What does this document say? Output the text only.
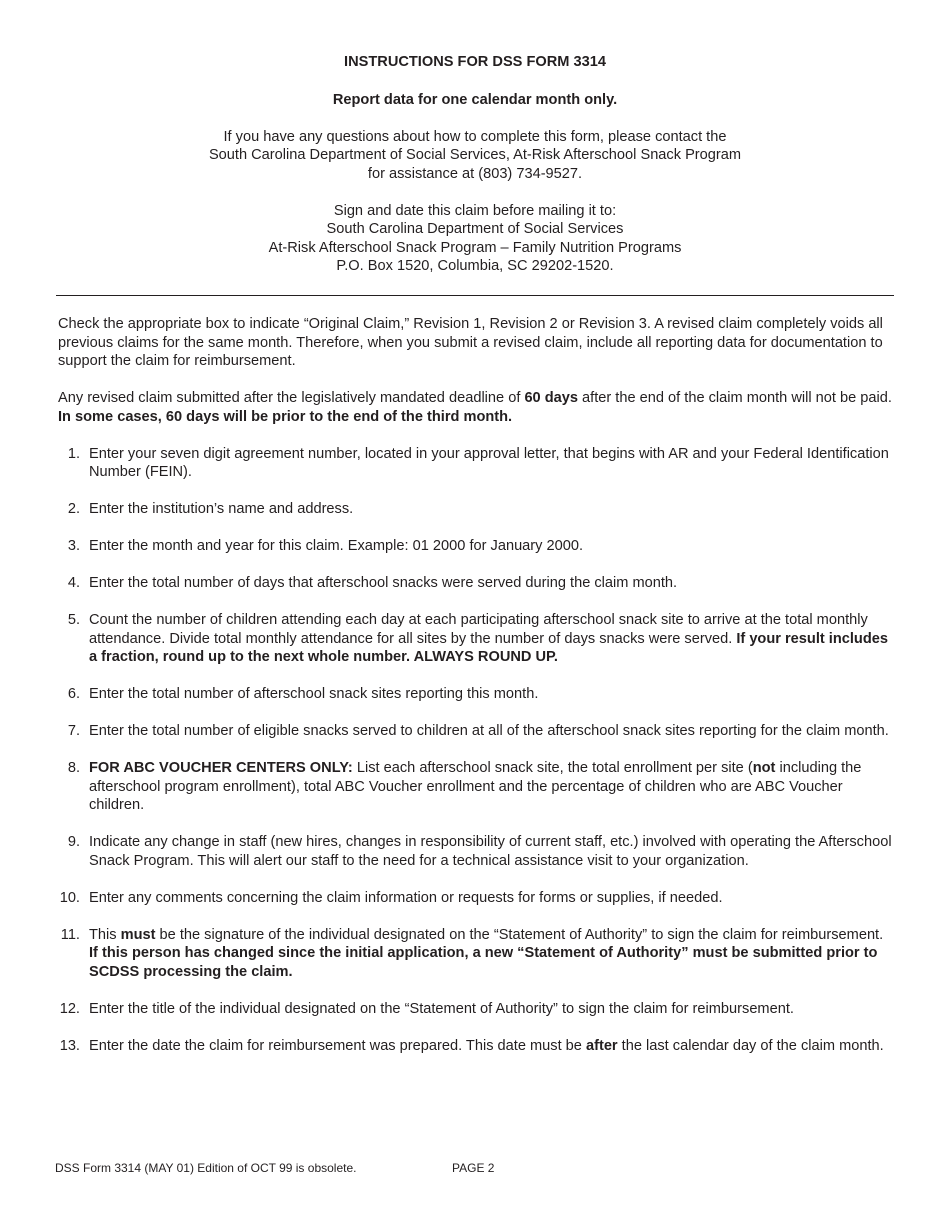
INSTRUCTIONS FOR DSS FORM 3314

Report data for one calendar month only.

If you have any questions about how to complete this form, please contact the
South Carolina Department of Social Services, At-Risk Afterschool Snack Program
for assistance at (803) 734-9527.

Sign and date this claim before mailing it to:
South Carolina Department of Social Services
At-Risk Afterschool Snack Program – Family Nutrition Programs
P.O. Box 1520, Columbia, SC 29202-1520.

Check the appropriate box to indicate “Original Claim,” Revision 1, Revision 2 or Revision 3. A revised claim completely voids all previous claims for the same month. Therefore, when you submit a revised claim, include all reporting data for documentation to support the claim for reimbursement.

Any revised claim submitted after the legislatively mandated deadline of 60 days after the end of the claim month will not be paid. In some cases, 60 days will be prior to the end of the third month.

1. Enter your seven digit agreement number, located in your approval letter, that begins with AR and your Federal Identification Number (FEIN).
2. Enter the institution’s name and address.
3. Enter the month and year for this claim. Example: 01 2000 for January 2000.
4. Enter the total number of days that afterschool snacks were served during the claim month.
5. Count the number of children attending each day at each participating afterschool snack site to arrive at the total monthly attendance. Divide total monthly attendance for all sites by the number of days snacks were served. If your result includes a fraction, round up to the next whole number. ALWAYS ROUND UP.
6. Enter the total number of afterschool snack sites reporting this month.
7. Enter the total number of eligible snacks served to children at all of the afterschool snack sites reporting for the claim month.
8. FOR ABC VOUCHER CENTERS ONLY: List each afterschool snack site, the total enrollment per site (not including the afterschool program enrollment), total ABC Voucher enrollment and the percentage of children who are ABC Voucher children.
9. Indicate any change in staff (new hires, changes in responsibility of current staff, etc.) involved with operating the Afterschool Snack Program. This will alert our staff to the need for a technical assistance visit to your organization.
10. Enter any comments concerning the claim information or requests for forms or supplies, if needed.
11. This must be the signature of the individual designated on the “Statement of Authority” to sign the claim for reimbursement. If this person has changed since the initial application, a new “Statement of Authority” must be submitted prior to SCDSS processing the claim.
12. Enter the title of the individual designated on the “Statement of Authority” to sign the claim for reimbursement.
13. Enter the date the claim for reimbursement was prepared. This date must be after the last calendar day of the claim month.
DSS Form 3314 (MAY 01) Edition of OCT 99 is obsolete.	PAGE 2
